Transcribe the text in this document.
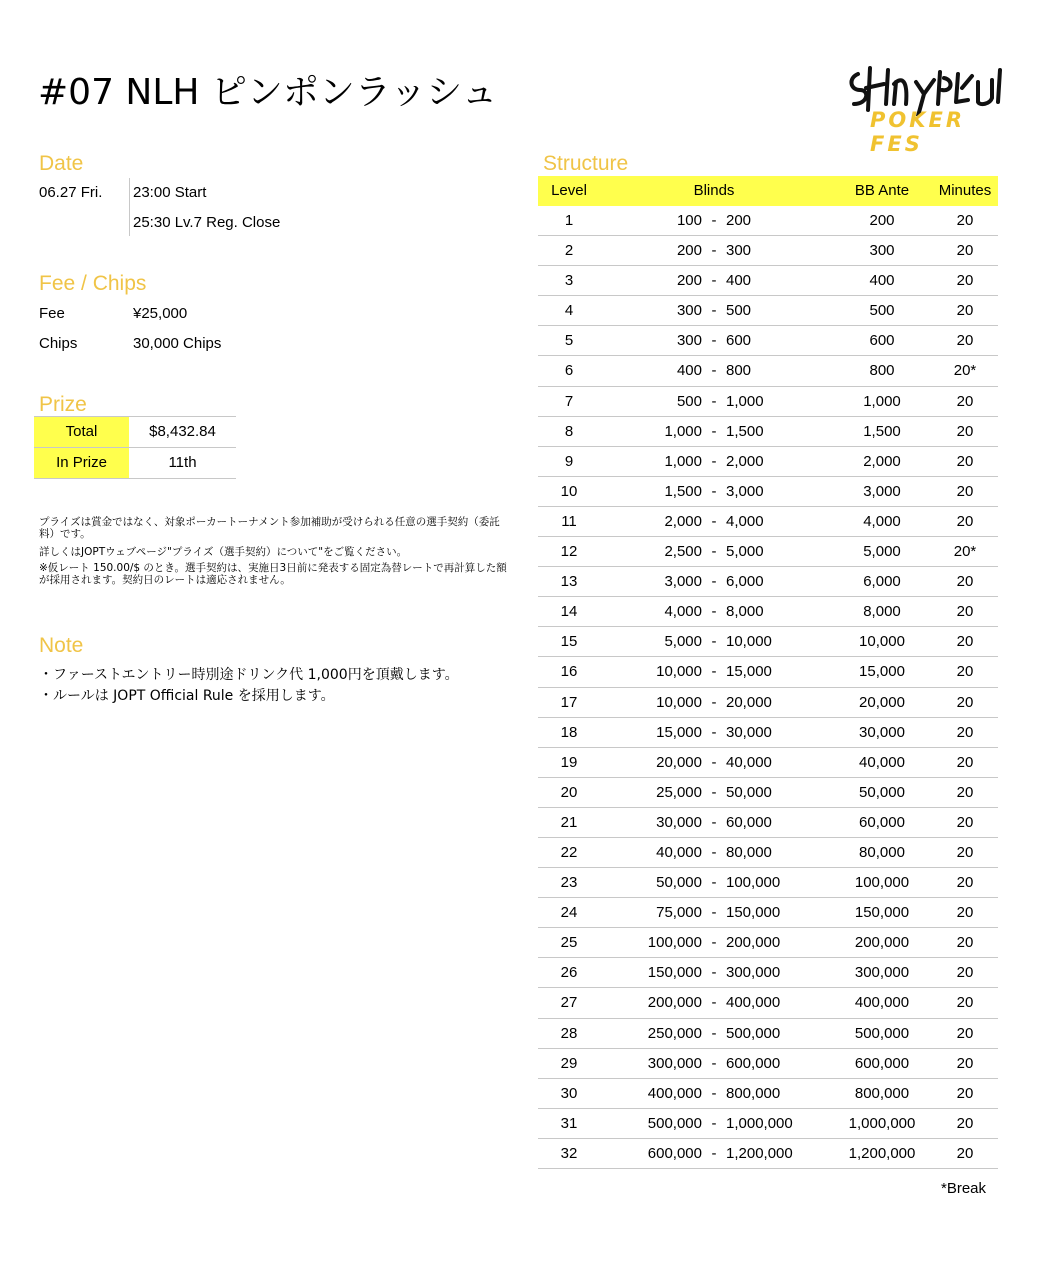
#07 NLH ピンポンラッシュ
POKER FES
Date
06.27 Fri. 23:00 Start
25:30 Lv.7 Reg. Close
Fee / Chips
Fee	¥25,000
Chips	30,000 Chips
Prize
Total	$8,432.84
In Prize	11th
プライズは賞金ではなく、対象ポーカートーナメント参加補助が受けられる任意の選手契約（委託料）です。
詳しくはJOPTウェブページ"プライズ（選手契約）について"をご覧ください。
※仮レート 150.00/$ のとき。選手契約は、実施日3日前に発表する固定為替レートで再計算した額が採用されます。契約日のレートは適応されません。
Note
・ファーストエントリー時別途ドリンク代 1,000円を頂戴します。
・ルールは JOPT Official Rule を採用します。
Structure
Level	Blinds	BB Ante	Minutes
1	100 - 200	200	20
2	200 - 300	300	20
3	200 - 400	400	20
4	300 - 500	500	20
5	300 - 600	600	20
6	400 - 800	800	20*
7	500 - 1,000	1,000	20
8	1,000 - 1,500	1,500	20
9	1,000 - 2,000	2,000	20
10	1,500 - 3,000	3,000	20
11	2,000 - 4,000	4,000	20
12	2,500 - 5,000	5,000	20*
13	3,000 - 6,000	6,000	20
14	4,000 - 8,000	8,000	20
15	5,000 - 10,000	10,000	20
16	10,000 - 15,000	15,000	20
17	10,000 - 20,000	20,000	20
18	15,000 - 30,000	30,000	20
19	20,000 - 40,000	40,000	20
20	25,000 - 50,000	50,000	20
21	30,000 - 60,000	60,000	20
22	40,000 - 80,000	80,000	20
23	50,000 - 100,000	100,000	20
24	75,000 - 150,000	150,000	20
25	100,000 - 200,000	200,000	20
26	150,000 - 300,000	300,000	20
27	200,000 - 400,000	400,000	20
28	250,000 - 500,000	500,000	20
29	300,000 - 600,000	600,000	20
30	400,000 - 800,000	800,000	20
31	500,000 - 1,000,000	1,000,000	20
32	600,000 - 1,200,000	1,200,000	20
*Break
